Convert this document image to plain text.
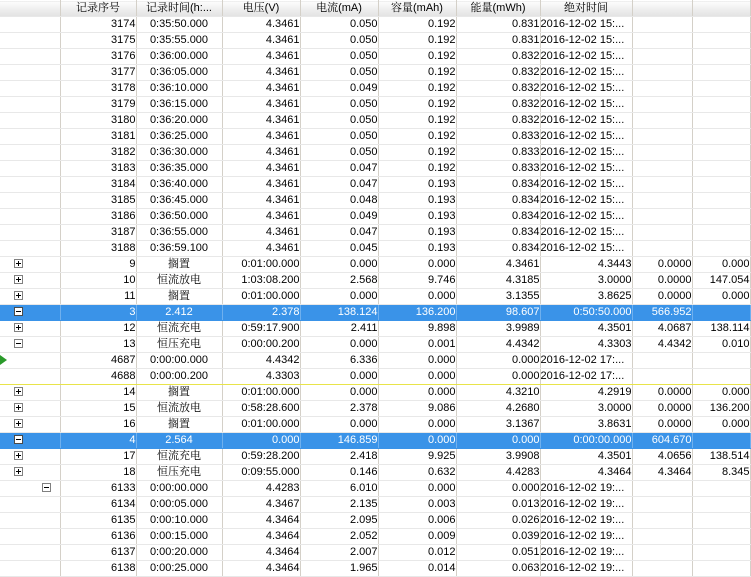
	记录序号	记录时间(h:...	电压(V)	电流(mA)	容量(mAh)	能量(mWh)	绝对时间		
	3174	0:35:50.000	4.3461	0.050	0.192	0.831	2016-12-02 15:...		
	3175	0:35:55.000	4.3461	0.050	0.192	0.831	2016-12-02 15:...		
	3176	0:36:00.000	4.3461	0.050	0.192	0.832	2016-12-02 15:...		
	3177	0:36:05.000	4.3461	0.050	0.192	0.832	2016-12-02 15:...		
	3178	0:36:10.000	4.3461	0.049	0.192	0.832	2016-12-02 15:...		
	3179	0:36:15.000	4.3461	0.050	0.192	0.832	2016-12-02 15:...		
	3180	0:36:20.000	4.3461	0.050	0.192	0.832	2016-12-02 15:...		
	3181	0:36:25.000	4.3461	0.050	0.192	0.833	2016-12-02 15:...		
	3182	0:36:30.000	4.3461	0.050	0.192	0.833	2016-12-02 15:...		
	3183	0:36:35.000	4.3461	0.047	0.192	0.833	2016-12-02 15:...		
	3184	0:36:40.000	4.3461	0.047	0.193	0.834	2016-12-02 15:...		
	3185	0:36:45.000	4.3461	0.048	0.193	0.834	2016-12-02 15:...		
	3186	0:36:50.000	4.3461	0.049	0.193	0.834	2016-12-02 15:...		
	3187	0:36:55.000	4.3461	0.047	0.193	0.834	2016-12-02 15:...		
	3188	0:36:59.100	4.3461	0.045	0.193	0.834	2016-12-02 15:...		

	9	搁置	0:01:00.000	0.000	0.000	4.3461	4.3443	0.0000	0.000

	10	恒流放电	1:03:08.200	2.568	9.746	4.3185	3.0000	0.0000	147.054

	11	搁置	0:01:00.000	0.000	0.000	3.1355	3.8625	0.0000	0.000

	3	2.412	2.378	138.124	136.200	98.607	0:50:50.000	566.952	

	12	恒流充电	0:59:17.900	2.411	9.898	3.9989	4.3501	4.0687	138.114

	13	恒压充电	0:00:00.200	0.000	0.001	4.4342	4.3303	4.4342	0.010

	4687	0:00:00.000	4.4342	6.336	0.000	0.000	2016-12-02 17:...		
	4688	0:00:00.200	4.3303	0.000	0.000	0.000	2016-12-02 17:...		

	14	搁置	0:01:00.000	0.000	0.000	4.3210	4.2919	0.0000	0.000

	15	恒流放电	0:58:28.600	2.378	9.086	4.2680	3.0000	0.0000	136.200

	16	搁置	0:01:00.000	0.000	0.000	3.1367	3.8631	0.0000	0.000

	4	2.564	0.000	146.859	0.000	0.000	0:00:00.000	604.670	

	17	恒流充电	0:59:28.200	2.418	9.925	3.9908	4.3501	4.0656	138.514

	18	恒压充电	0:09:55.000	0.146	0.632	4.4283	4.3464	4.3464	8.345

	6133	0:00:00.000	4.4283	6.010	0.000	0.000	2016-12-02 19:...		
	6134	0:00:05.000	4.3467	2.135	0.003	0.013	2016-12-02 19:...		
	6135	0:00:10.000	4.3464	2.095	0.006	0.026	2016-12-02 19:...		
	6136	0:00:15.000	4.3464	2.052	0.009	0.039	2016-12-02 19:...		
	6137	0:00:20.000	4.3464	2.007	0.012	0.051	2016-12-02 19:...		
	6138	0:00:25.000	4.3464	1.965	0.014	0.063	2016-12-02 19:...		
